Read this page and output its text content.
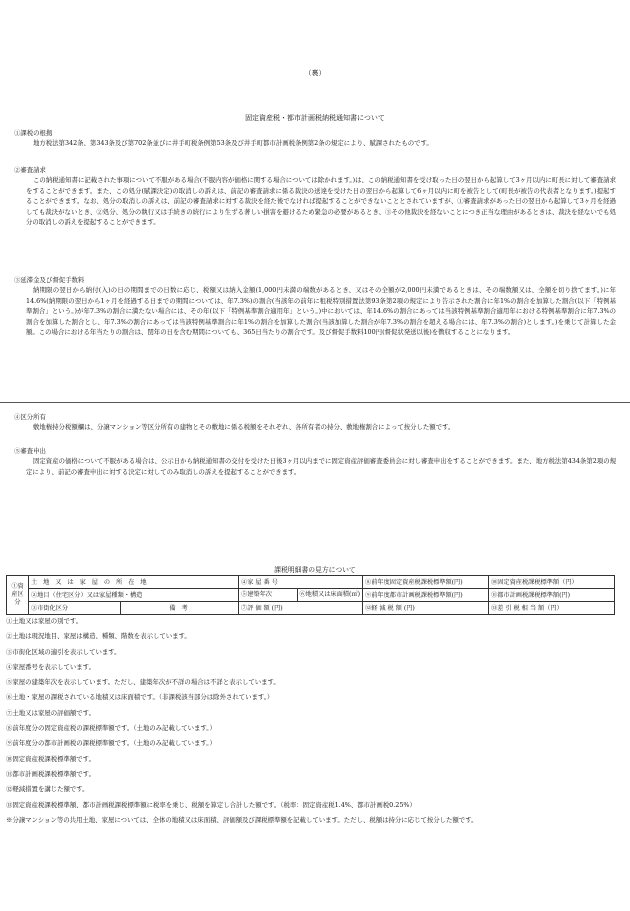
（裏）
固定資産税・都市計画税納税通知書について

①課税の根拠

地方税法第342条、第343条及び第702条並びに井手町税条例第53条及び井手町都市計画税条例第2条の規定により、賦課されたものです。

②審査請求

この納税通知書に記載された事項について不服がある場合(不服内容が価格に関する場合については除かれます。)は、この納税通知書を受け取った日の翌日から起算して3ヶ月以内に町長に対して審査請求をすることができます。また、この処分(賦課決定)の取消しの訴えは、前記の審査請求に係る裁決の送達を受けた日の翌日から起算して6ヶ月以内に町を被告として(町長が被告の代表者となります。)提起することができます。なお、処分の取消しの訴えは、前記の審査請求に対する裁決を経た後でなければ提起することができないこととされていますが、①審査請求があった日の翌日から起算して3ヶ月を経過しても裁決がないとき、②処分、処分の執行又は手続きの続行により生ずる著しい損害を避けるため緊急の必要があるとき、③その他裁決を経ないことにつき正当な理由があるときは、裁決を経ないでも処分の取消しの訴えを提起することができます。

③延滞金及び督促手数料

納期限の翌日から納付(入)の日の期間までの日数に応じ、税額又は納入金額(1,000円未満の端数があるとき、又はその全額が2,000円未満であるときは、その端数額又は、全額を切り捨てます。)に年14.6%(納期限の翌日から1ヶ月を経過する日までの期間については、年7.3%)の割合(当該年の前年に租税特別措置法第93条第2項の規定により告示された割合に年1%の割合を加算した割合(以下「特例基準割合」という。)が年7.3%の割合に満たない場合には、その年(以下「特例基準割合適用年」という。)中においては、年14.6%の割合にあっては当該特例基準割合適用年における特例基準割合に年7.3%の割合を加算した割合とし、年7.3%の割合にあっては当該特例基準割合に年1%の割合を加算した割合(当該加算した割合が年7.3%の割合を超える場合には、年7.3%の割合)とします。)を乗じて計算した金額。この場合における年当たりの割合は、閏年の日を含む期間についても、365日当たりの割合です。及び督促手数料100円(督促状発送以後)を徴収することになります。

④区分所有

敷地権持分税額欄は、分譲マンション等区分所有の建物とその敷地に係る税額をそれぞれ、各所有者の持分、敷地権割合によって按分した額です。

⑤審査申出

固定資産の価格について不服がある場合は、公示日から納税通知書の交付を受けた日後3ヶ月以内までに固定資産評価審査委員会に対し審査申出をすることができます。また、地方税法第434条第2項の規定により、前記の審査申出に対する決定に対してのみ取消しの訴えを提起することができます。

課税明細書の見方について
①資産区分	土 地 又 は 家 屋 の 所 在 地		④家 屋 番 号	⑧前年度固定資産税課税標準額(円)	⑩固定資産税課税標準額（円）
	②地目（住宅区分）又は家屋種類・構造		⑤建築年次 ⑥地積又は床面積(㎡)	⑨前年度都市計画税課税標準額(円)	⑪都市計画税課税標準額(円)
	③市街化区分	備 考	⑦評 価 額 (円)	⑫軽 減 税 額 (円)	⑬差 引 税 相 当 額（円）

①土地又は家屋の別です。

②土地は現況地目、家屋は構造、種類、階数を表示しています。

③市街化区域の適引を表示しています。

④家屋番号を表示しています。

⑤家屋の建築年次を表示しています。ただし、建築年次が不詳の場合は不詳と表示しています。

⑥土地・家屋の課税されている地積又は床面積です。（非課税該当部分は除外されています。）

⑦土地又は家屋の評価額です。

⑧前年度分の固定資産税の課税標準額です。（土地のみ記載しています。）

⑨前年度分の都市計画税の課税標準額です。（土地のみ記載しています。）

⑩固定資産税課税標準額です。

⑪都市計画税課税標準額です。

⑫軽減措置を講じた額です。

⑬固定資産税課税標準額、都市計画税課税標準額に税率を乗じ、税額を算定し合計した額です。（税率：固定資産税1.4%、都市計画税0.25%）

※分譲マンション等の共用土地、家屋については、全体の地積又は床面積、評価額及び課税標準額を記載しています。ただし、税額は持分に応じて按分した額です。
